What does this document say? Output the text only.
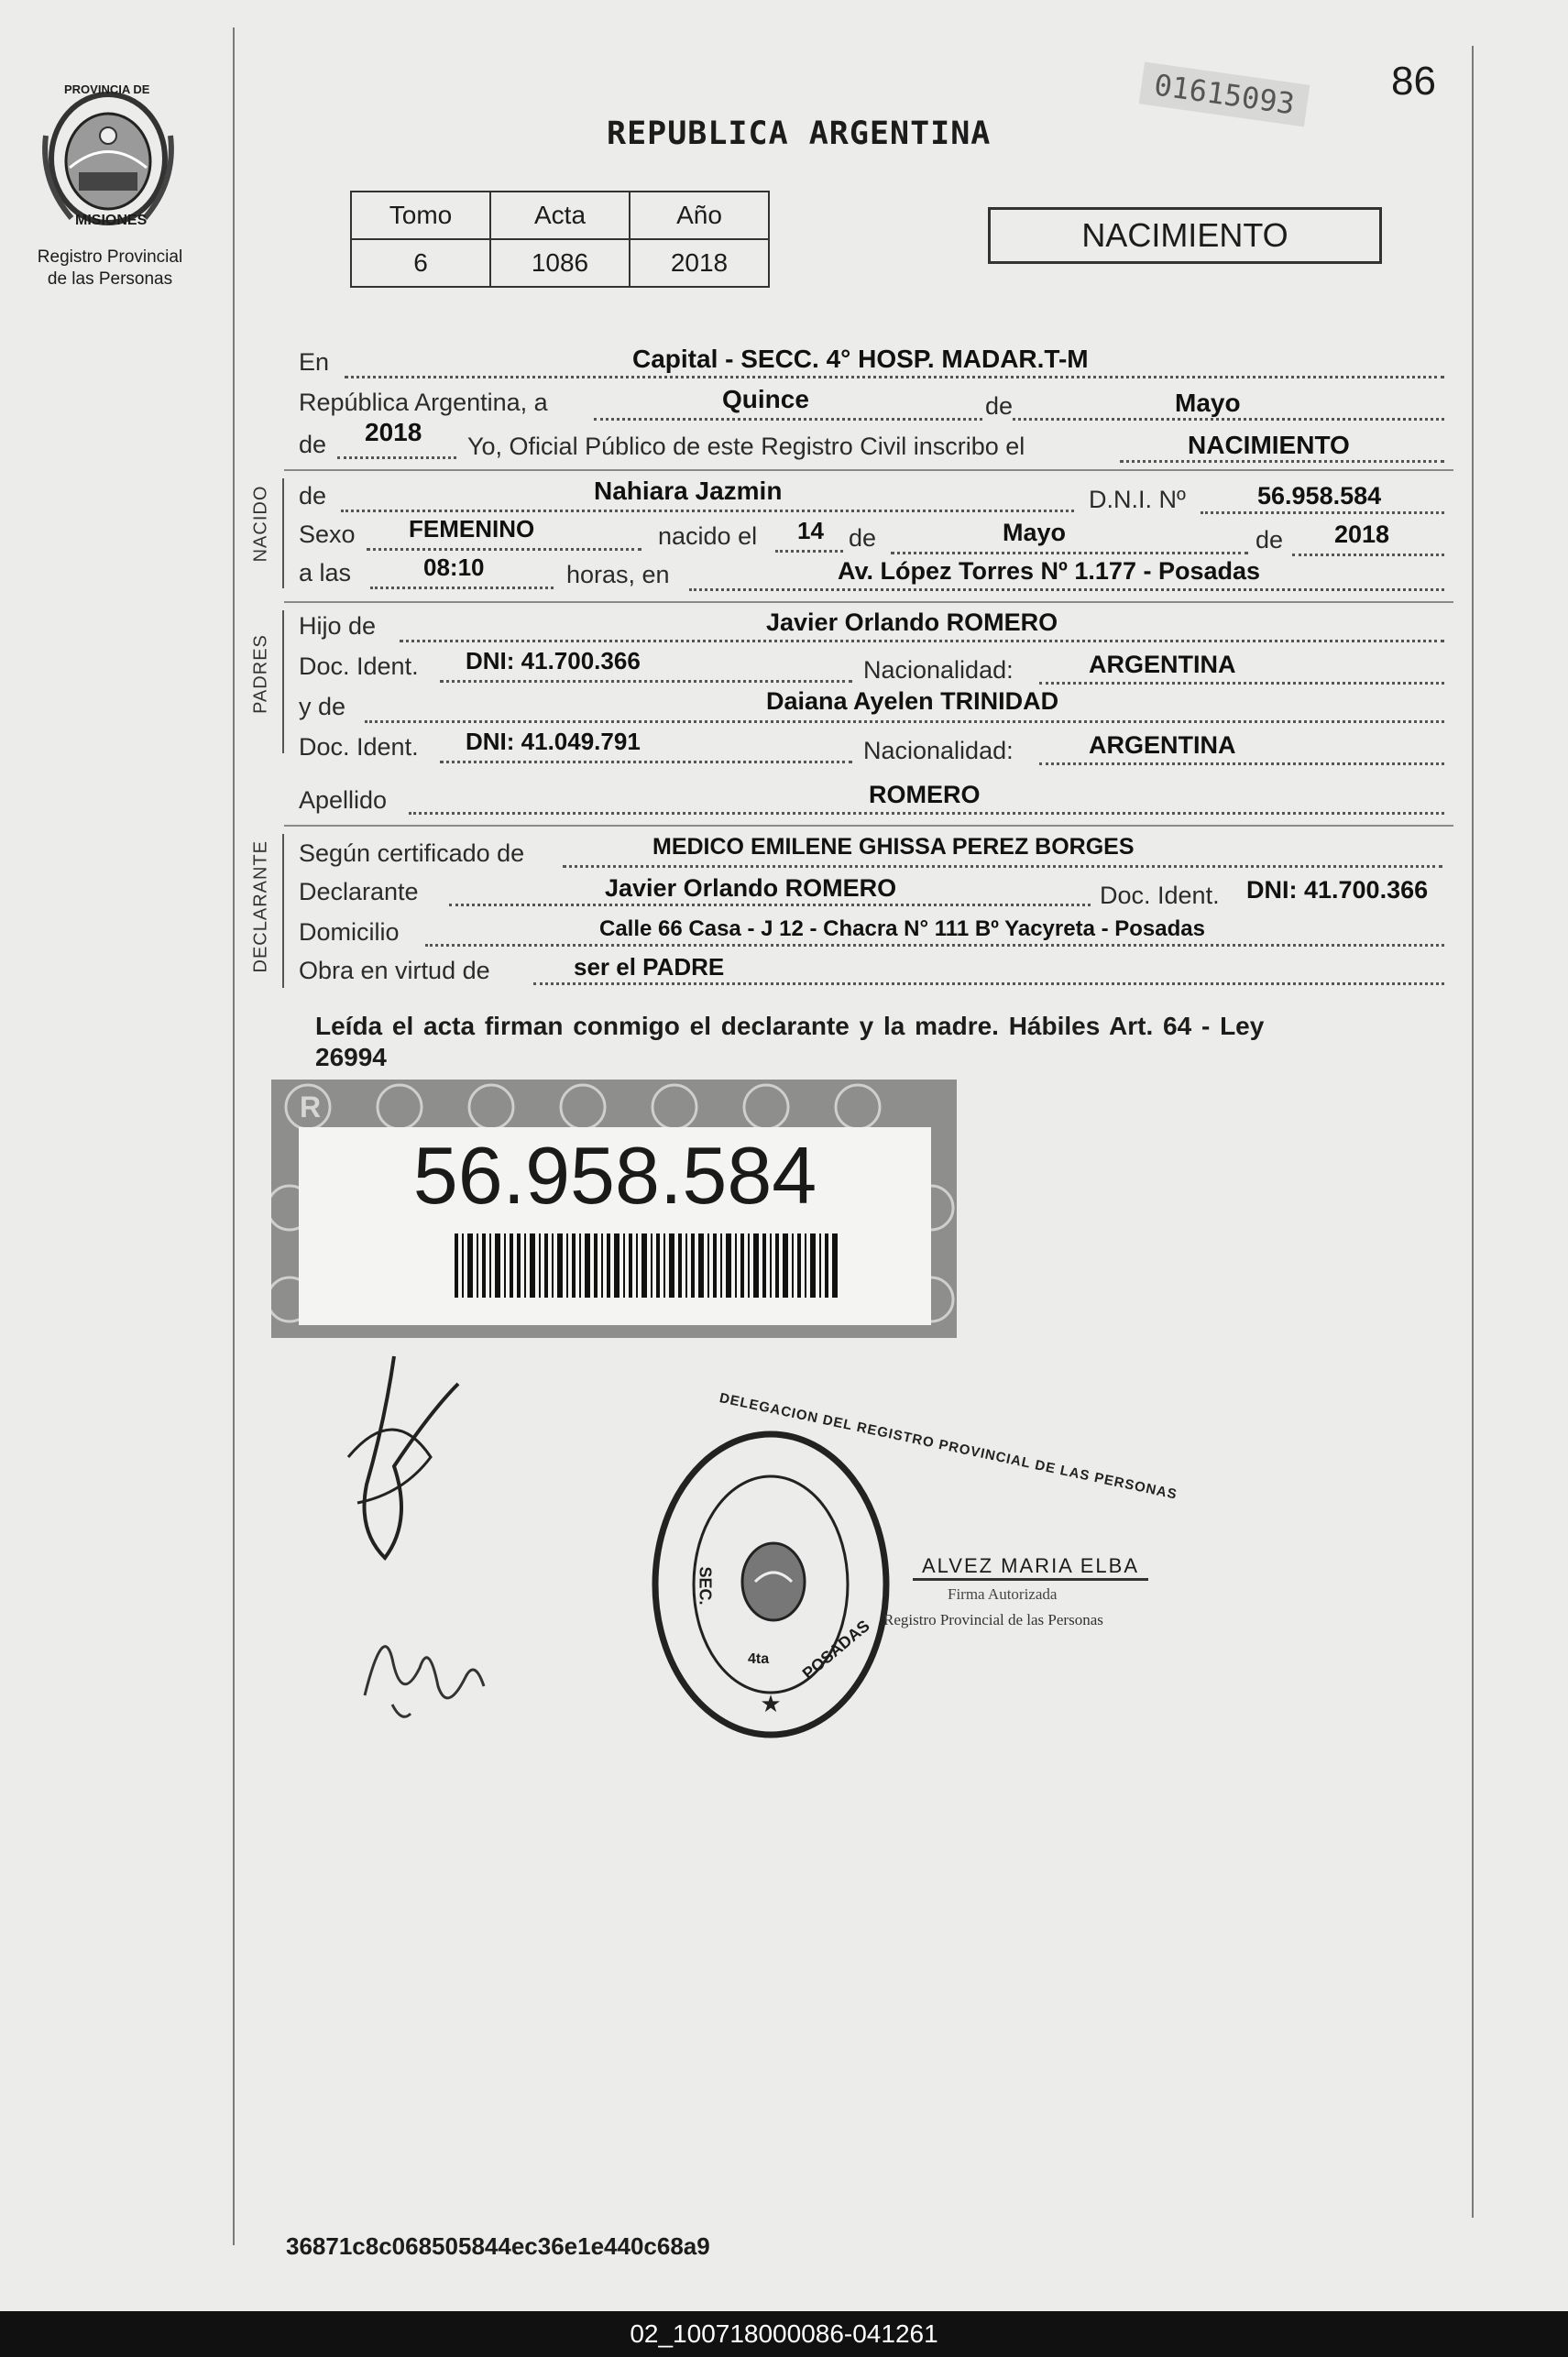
PROVINCIA DE
MISIONES
Registro Provincial
de las Personas
REPUBLICA ARGENTINA
01615093	86
Tomo	Acta	Año
6	1086	2018
NACIMIENTO
En	Capital - SECC. 4° HOSP. MADAR.T-M
República Argentina, a	Quince	de	Mayo
de 2018 Yo, Oficial Público de este Registro Civil inscribo el	NACIMIENTO
NACIDO de	Nahiara Jazmin	D.N.I. Nº	56.958.584
Sexo FEMENINO	nacido el 14 de	Mayo	de 2018
a las	08:10	horas, en	Av. López Torres Nº 1.177 - Posadas
PADRES
Hijo de	Javier Orlando ROMERO
Doc. Ident. DNI: 41.700.366	Nacionalidad:	ARGENTINA
y de	Daiana Ayelen TRINIDAD
Doc. Ident. DNI: 41.049.791	Nacionalidad:	ARGENTINA
Apellido	ROMERO
DECLARANTE Según certificado de	MEDICO EMILENE GHISSA PEREZ BORGES
Declarante	Javier Orlando ROMERO	Doc. Ident. DNI: 41.700.366
Domicilio	Calle 66 Casa - J 12 - Chacra N° 111 Bº Yacyreta - Posadas
Obra en virtud de	ser el PADRE
Leída el acta firman conmigo el declarante y la madre. Hábiles Art. 64 - Ley
26994
R
56.958.584
★
DELEGACION DEL REGISTRO PROVINCIAL DE LAS PERSONAS
SEC.
4ta POSADAS
ALVEZ MARIA ELBA
Firma Autorizada
Registro Provincial de las Personas
36871c8c068505844ec36e1e440c68a9
02_100718000086-041261
